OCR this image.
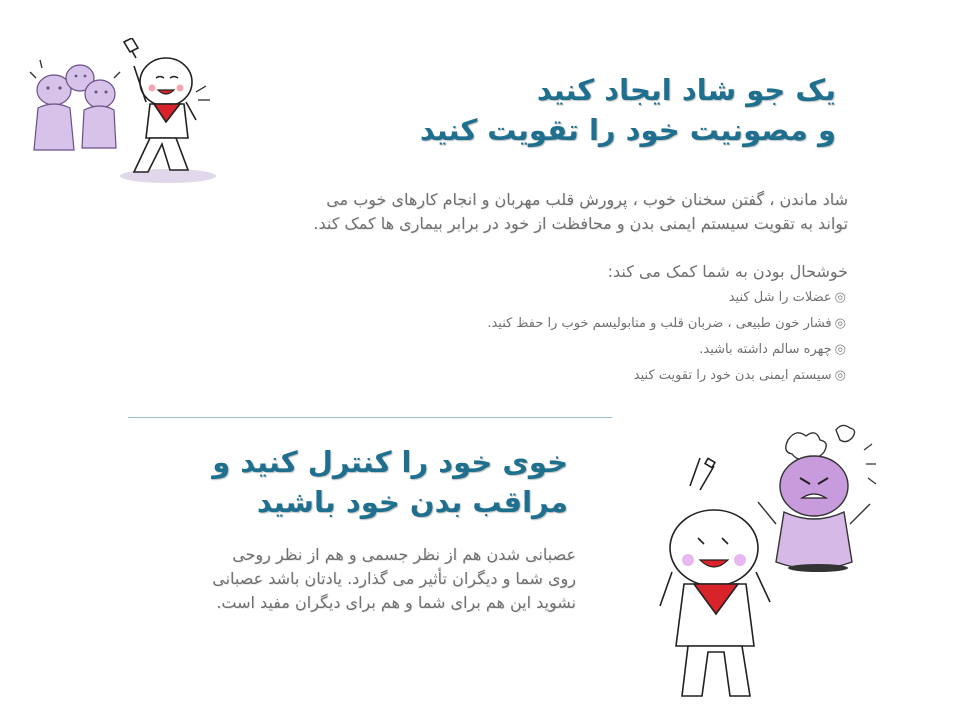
یک جو شاد ایجاد کنید
و مصونیت خود را تقویت کنید

شاد ماندن ، گفتن سخنان خوب ، پرورش قلب مهربان و انجام کارهای خوب می
تواند به تقویت سیستم ایمنی بدن و محافظت از خود در برابر بیماری ها کمک کند.

خوشحال بودن به شما کمک می کند:
◎عضلات را شل کنید
◎فشار خون طبیعی ، ضربان قلب و متابولیسم خوب را حفظ کنید.
◎چهره سالم داشته باشید.
◎سیستم ایمنی بدن خود را تقویت کنید
خوی خود را کنترل کنید و
مراقب بدن خود باشید

عصبانی شدن هم از نظر جسمی و هم از نظر روحی
روی شما و دیگران تأثیر می گذارد. یادتان باشد عصبانی
نشوید این هم برای شما و هم برای دیگران مفید است.
